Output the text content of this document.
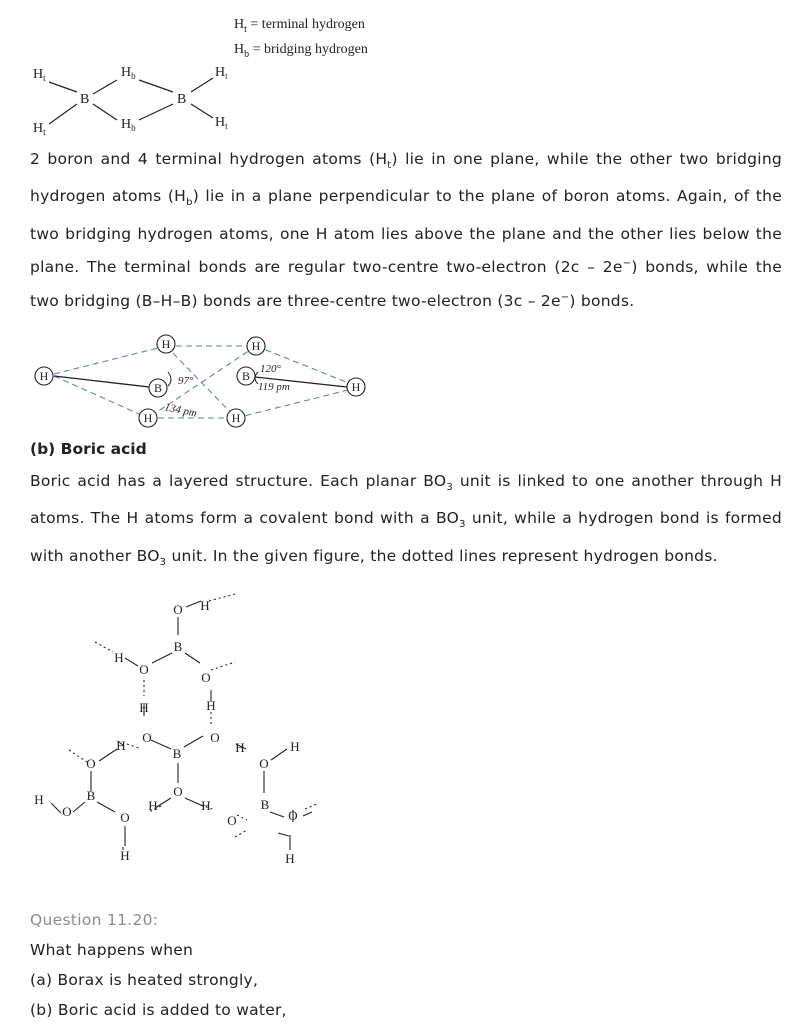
$H_t$ = terminal hydrogen
$H_b$ = bridging hydrogen
$H_t$
$H_t$
B
$H_b$
$H_b$
B
$H_t$
$H_t$

2 boron and 4 terminal hydrogen atoms $(H_t)$ lie in one plane, while the other two bridging hydrogen atoms $(H_b)$ lie in a plane perpendicular to the plane of boron atoms. Again, of the two bridging hydrogen atoms, one H atom lies above the plane and the other lies below the plane. The terminal bonds are regular two-centre two-electron (2c – 2e−) bonds, while the two bridging (B–H–B) bonds are three-centre two-electron (3c – 2e−) bonds.

H
H
B
H
H
B
H
H
97°
120°
119 pm
134 pm

(b) Boric acid

Boric acid has a layered structure. Each planar $BO_3$ unit is linked to one another through H atoms. The H atoms form a covalent bond with a $BO_3$ unit, while a hydrogen bond is formed with another $BO_3$ unit. In the given figure, the dotted lines represent hydrogen bonds.

H
O
B
H
O
O
H	H
O
H
O
B	H	H
O
O
O
B
H	H	H	B
O	O	O	O
H	H

Question 11.20:

What happens when

(a) Borax is heated strongly,

(b) Boric acid is added to water,
